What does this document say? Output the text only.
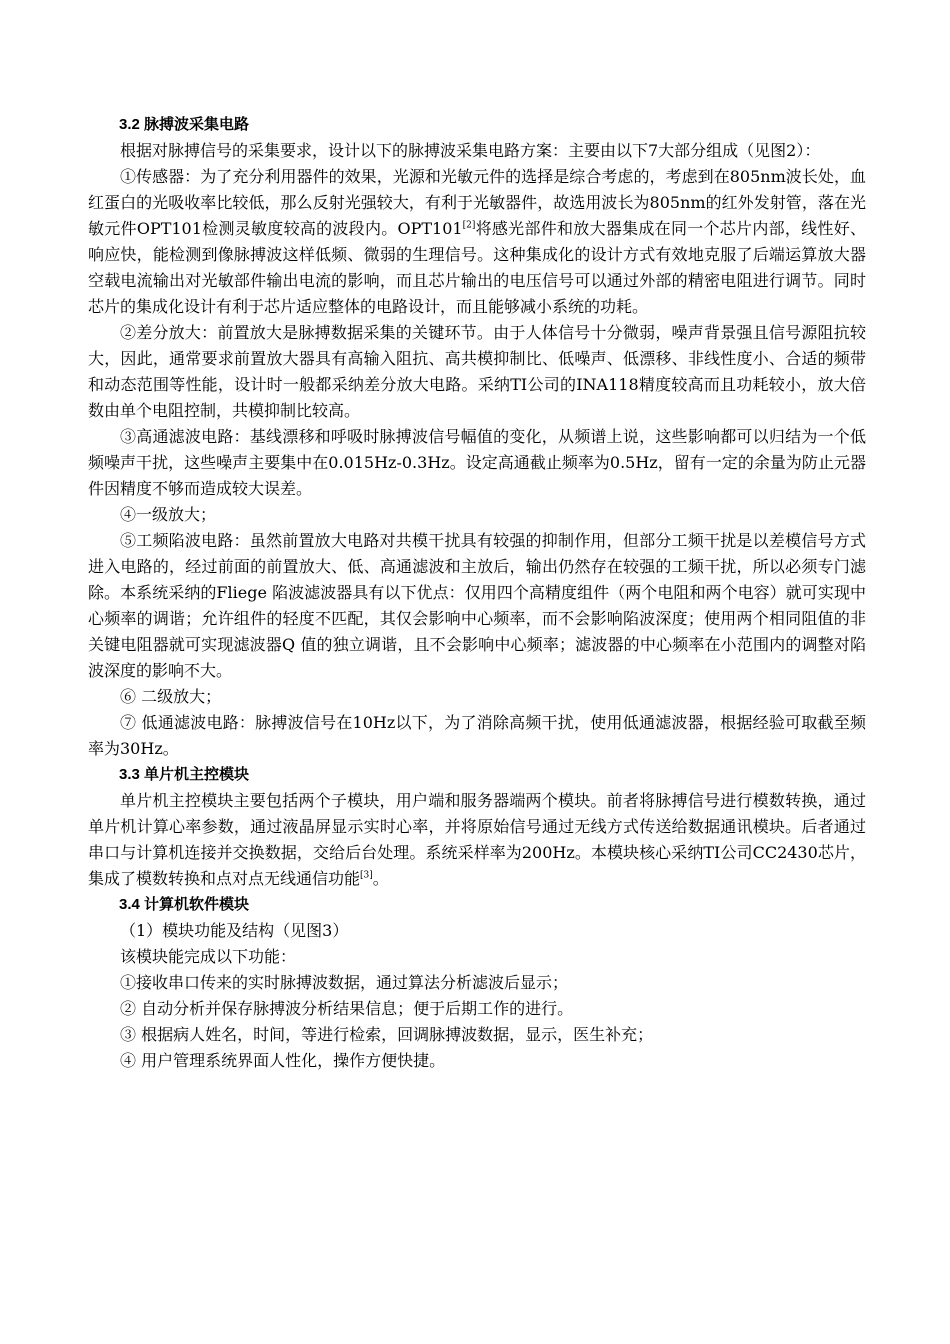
3.2 脉搏波采集电路

根据对脉搏信号的采集要求，设计以下的脉搏波采集电路方案：主要由以下7大部分组成（见图2）：

①传感器：为了充分利用器件的效果，光源和光敏元件的选择是综合考虑的，考虑到在805nm波长处，血红蛋白的光吸收率比较低，那么反射光强较大，有利于光敏器件，故选用波长为805nm的红外发射管，落在光敏元件OPT101检测灵敏度较高的波段内。OPT101[2]将感光部件和放大器集成在同一个芯片内部，线性好、响应快，能检测到像脉搏波这样低频、微弱的生理信号。这种集成化的设计方式有效地克服了后端运算放大器空载电流输出对光敏部件输出电流的影响，而且芯片输出的电压信号可以通过外部的精密电阻进行调节。同时芯片的集成化设计有利于芯片适应整体的电路设计，而且能够减小系统的功耗。

②差分放大：前置放大是脉搏数据采集的关键环节。由于人体信号十分微弱，噪声背景强且信号源阻抗较大，因此，通常要求前置放大器具有高输入阻抗、高共模抑制比、低噪声、低漂移、非线性度小、合适的频带和动态范围等性能，设计时一般都采纳差分放大电路。采纳TI公司的INA118精度较高而且功耗较小，放大倍数由单个电阻控制，共模抑制比较高。

③高通滤波电路：基线漂移和呼吸时脉搏波信号幅值的变化，从频谱上说，这些影响都可以归结为一个低频噪声干扰，这些噪声主要集中在0.015Hz-0.3Hz。设定高通截止频率为0.5Hz，留有一定的余量为防止元器件因精度不够而造成较大误差。

④一级放大；

⑤工频陷波电路：虽然前置放大电路对共模干扰具有较强的抑制作用，但部分工频干扰是以差模信号方式进入电路的，经过前面的前置放大、低、高通滤波和主放后，输出仍然存在较强的工频干扰，所以必须专门滤除。本系统采纳的Fliege 陷波滤波器具有以下优点：仅用四个高精度组件（两个电阻和两个电容）就可实现中心频率的调谐；允许组件的轻度不匹配，其仅会影响中心频率，而不会影响陷波深度；使用两个相同阻值的非关键电阻器就可实现滤波器Q 值的独立调谐，且不会影响中心频率；滤波器的中心频率在小范围内的调整对陷波深度的影响不大。

⑥ 二级放大；

⑦ 低通滤波电路：脉搏波信号在10Hz以下，为了消除高频干扰，使用低通滤波器，根据经验可取截至频率为30Hz。

3.3 单片机主控模块

单片机主控模块主要包括两个子模块，用户端和服务器端两个模块。前者将脉搏信号进行模数转换，通过单片机计算心率参数，通过液晶屏显示实时心率，并将原始信号通过无线方式传送给数据通讯模块。后者通过串口与计算机连接并交换数据，交给后台处理。系统采样率为200Hz。本模块核心采纳TI公司CC2430芯片，集成了模数转换和点对点无线通信功能[3]。

3.4 计算机软件模块

（1）模块功能及结构（见图3）

该模块能完成以下功能：

①接收串口传来的实时脉搏波数据，通过算法分析滤波后显示；

② 自动分析并保存脉搏波分析结果信息；便于后期工作的进行。

③ 根据病人姓名，时间，等进行检索，回调脉搏波数据，显示，医生补充；

④ 用户管理系统界面人性化，操作方便快捷。
